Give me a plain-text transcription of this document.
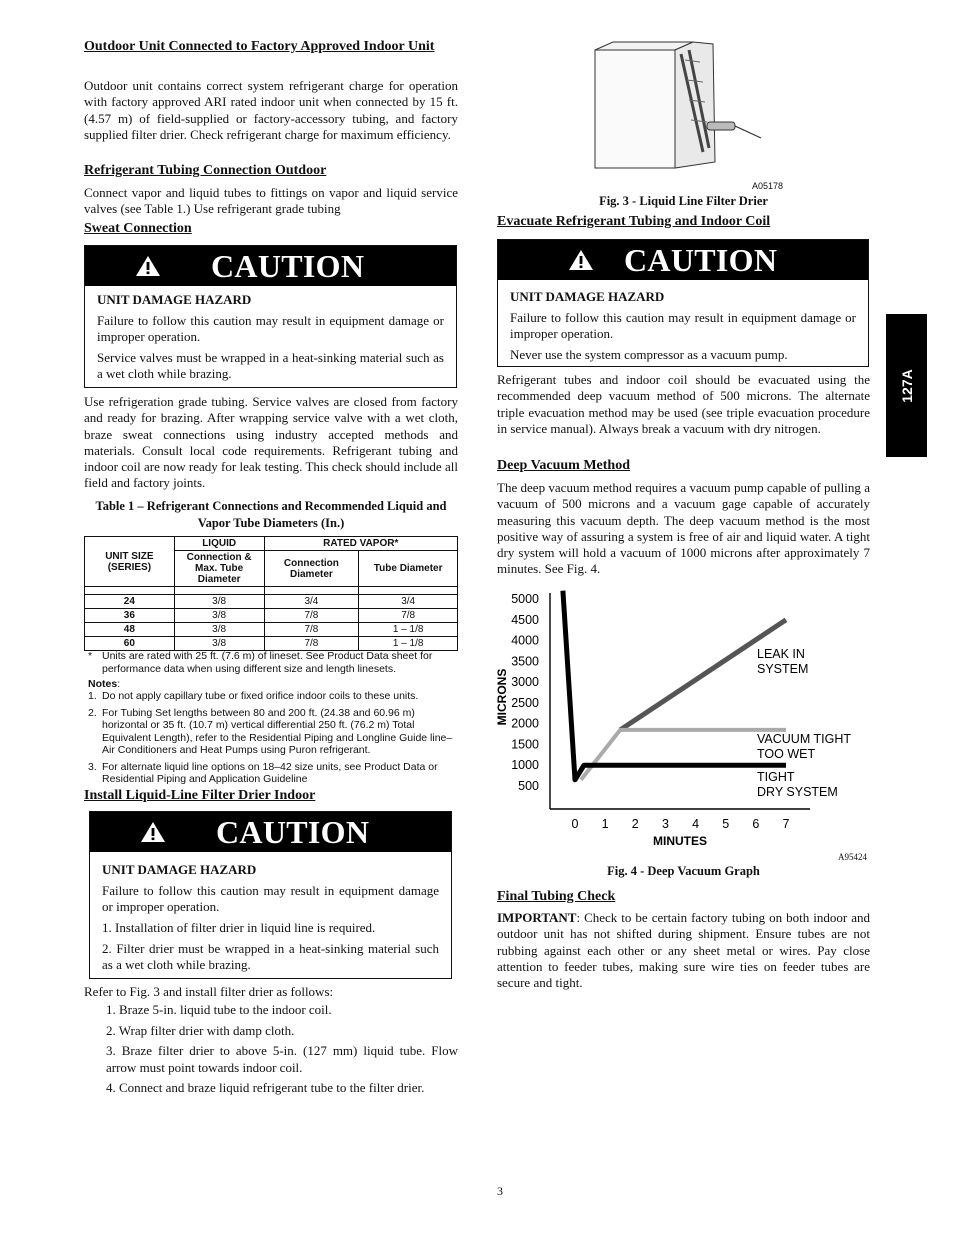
Outdoor Unit Connected to Factory Approved Indoor Unit

Outdoor unit contains correct system refrigerant charge for operation with factory approved ARI rated indoor unit when connected by 15 ft. (4.57 m) of field-supplied or factory-accessory tubing, and factory supplied filter drier. Check refrigerant charge for maximum efficiency.

Refrigerant Tubing Connection Outdoor

Connect vapor and liquid tubes to fittings on vapor and liquid service valves (see Table 1.) Use refrigerant grade tubing

Sweat Connection

CAUTION

UNIT DAMAGE HAZARD

Failure to follow this caution may result in equipment damage or improper operation.

Service valves must be wrapped in a heat-sinking material such as a wet cloth while brazing.

Use refrigeration grade tubing. Service valves are closed from factory and ready for brazing. After wrapping service valve with a wet cloth, braze sweat connections using industry accepted methods and materials. Consult local code requirements. Refrigerant tubing and indoor coil are now ready for leak testing. This check should include all field and factory joints.

Table 1 – Refrigerant Connections and Recommended Liquid and Vapor Tube Diameters (In.)
UNIT SIZE (SERIES)	LIQUID	RATED VAPOR*	
	Connection & Max. Tube Diameter	Connection Diameter	Tube Diameter

24	3/8	3/4	3/4
36	3/8	7/8	7/8
48	3/8	7/8	1 – 1/8
60	3/8	7/8	1 – 1/8
* Units are rated with 25 ft. (7.6 m) of lineset. See Product Data sheet for performance data when using different size and length linesets.
Notes:
1. Do not apply capillary tube or fixed orifice indoor coils to these units.
2. For Tubing Set lengths between 80 and 200 ft. (24.38 and 60.96 m) horizontal or 35 ft. (10.7 m) vertical differential 250 ft. (76.2 m) Total Equivalent Length), refer to the Residential Piping and Longline Guide line– Air Conditioners and Heat Pumps using Puron refrigerant.
3. For alternate liquid line options on 18–42 size units, see Product Data or Residential Piping and Application Guideline

Install Liquid-Line Filter Drier Indoor

CAUTION

UNIT DAMAGE HAZARD

Failure to follow this caution may result in equipment damage or improper operation.

1. Installation of filter drier in liquid line is required.

2. Filter drier must be wrapped in a heat-sinking material such as a wet cloth while brazing.

Refer to Fig. 3 and install filter drier as follows:

1. Braze 5-in. liquid tube to the indoor coil.
2. Wrap filter drier with damp cloth.
3. Braze filter drier to above 5-in. (127 mm) liquid tube. Flow arrow must point towards indoor coil.
4. Connect and braze liquid refrigerant tube to the filter drier.
A05178
Fig. 3 - Liquid Line Filter Drier

Evacuate Refrigerant Tubing and Indoor Coil

CAUTION

UNIT DAMAGE HAZARD

Failure to follow this caution may result in equipment damage or improper operation.

Never use the system compressor as a vacuum pump.

Refrigerant tubes and indoor coil should be evacuated using the recommended deep vacuum method of 500 microns. The alternate triple evacuation method may be used (see triple evacuation procedure in service manual). Always break a vacuum with dry nitrogen.

Deep Vacuum Method

The deep vacuum method requires a vacuum pump capable of pulling a vacuum of 500 microns and a vacuum gage capable of accurately measuring this vacuum depth. The deep vacuum method is the most positive way of assuring a system is free of air and liquid water. A tight dry system will hold a vacuum of 1000 microns after approximately 7 minutes. See Fig. 4.

5000
4500
4000
3500
3000
2500
2000
1500
1000
500
0 1 2 3 4 5 6 7
LEAK IN SYSTEM
VACUUM TIGHT TOO WET
TIGHT DRY SYSTEM
MINUTES
MICRONS
A95424
Fig. 4 - Deep Vacuum Graph

Final Tubing Check

IMPORTANT: Check to be certain factory tubing on both indoor and outdoor unit has not shifted during shipment. Ensure tubes are not rubbing against each other or any sheet metal or wires. Pay close attention to feeder tubes, making sure wire ties on feeder tubes are secure and tight.

127A
3
